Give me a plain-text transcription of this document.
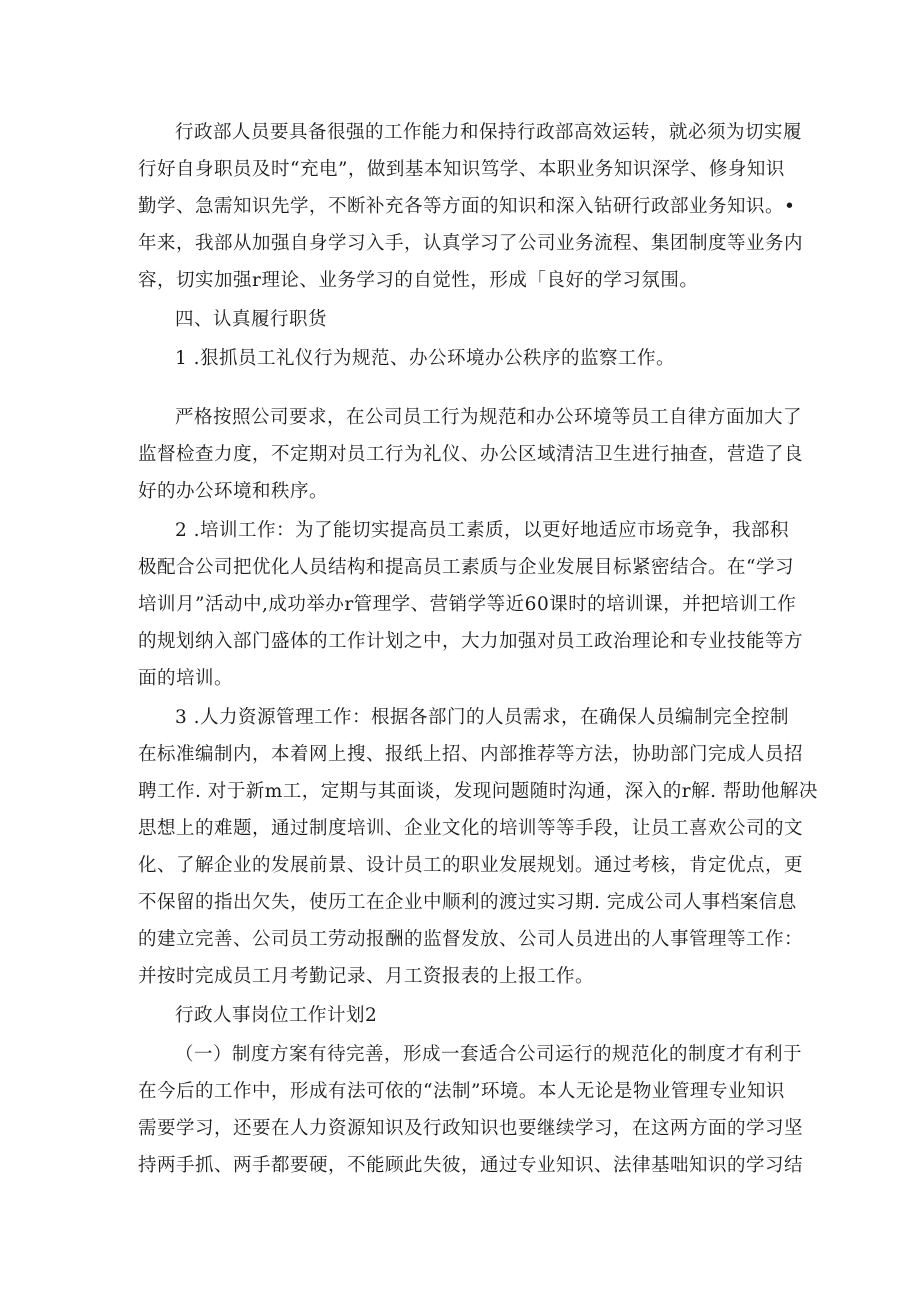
行政部人员要具备很强的工作能力和保持行政部高效运转，就必须为切实履
行好自身职员及时“充电”，做到基本知识笃学、本职业务知识深学、修身知识
勤学、急需知识先学，不断补充各等方面的知识和深入钻研行政部业务知识。•
年来，我部从加强自身学习入手，认真学习了公司业务流程、集团制度等业务内
容，切实加强r理论、业务学习的自觉性，形成「良好的学习氛围。
四、认真履行职货
1 .狠抓员工礼仪行为规范、办公环境办公秩序的监察工作。
严格按照公司要求，在公司员工行为规范和办公环境等员工自律方面加大了
监督检查力度，不定期对员工行为礼仪、办公区域清洁卫生进行抽查，营造了良
好的办公环境和秩序。
2 .培训工作：为了能切实提高员工素质，以更好地适应市场竞争，我部积
极配合公司把优化人员结构和提高员工素质与企业发展目标紧密结合。在“学习
培训月”活动中,成功举办r管理学、营销学等近60课时的培训课，并把培训工作
的规划纳入部门盛体的工作计划之中，大力加强对员工政治理论和专业技能等方
面的培训。
3 .人力资源管理工作：根据各部门的人员需求，在确保人员编制完全控制
在标准编制内，本着网上搜、报纸上招、内部推荐等方法，协助部门完成人员招
聘工作. 对于新m工，定期与其面谈，发现问题随时沟通，深入的r解. 帮助他解决
思想上的难题，通过制度培训、企业文化的培训等等手段，让员工喜欢公司的文
化、了解企业的发展前景、设计员工的职业发展规划。通过考核，肯定优点，更
不保留的指出欠失，使历工在企业中顺利的渡过实习期. 完成公司人事档案信息
的建立完善、公司员工劳动报酬的监督发放、公司人员进出的人事管理等工作：
并按时完成员工月考勤记录、月工资报表的上报工作。
行政人事岗位工作计划2
（一）制度方案有待完善，形成一套适合公司运行的规范化的制度才有利于
在今后的工作中，形成有法可依的“法制”环境。本人无论是物业管理专业知识
需要学习，还要在人力资源知识及行政知识也要继续学习，在这两方面的学习坚
持两手抓、两手都要硬，不能顾此失彼，通过专业知识、法律基咄知识的学习结
